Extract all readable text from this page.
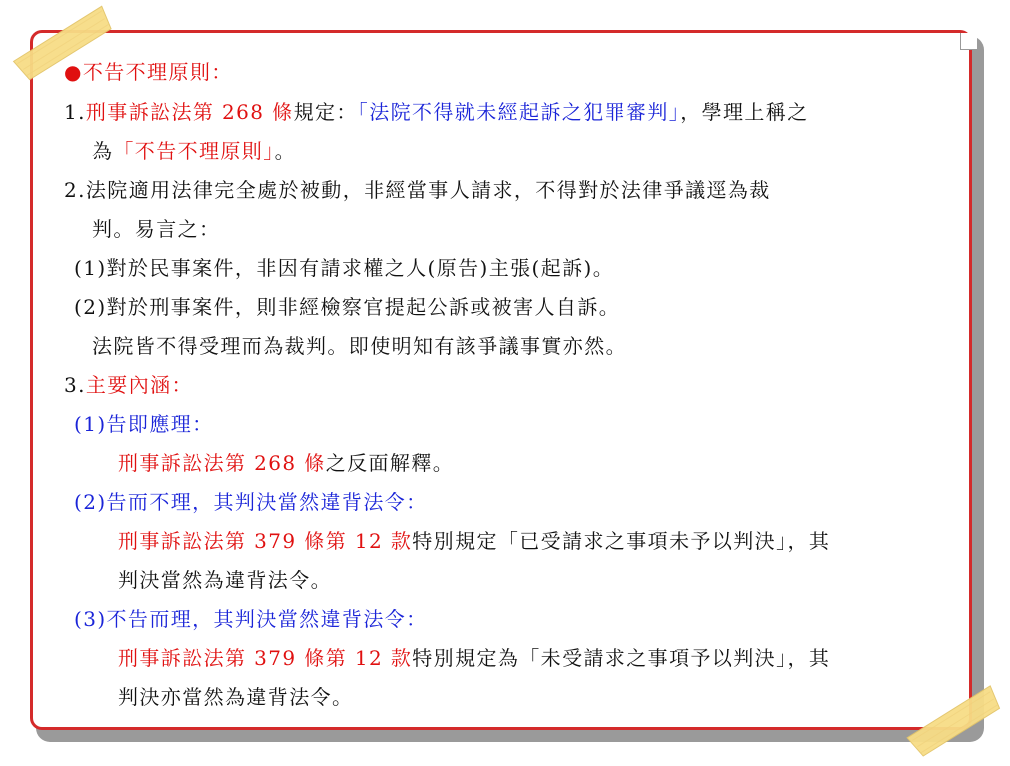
●不告不理原則：
1.刑事訴訟法第 268 條規定：「法院不得就未經起訴之犯罪審判」，學理上稱之
為「不告不理原則」。
2.法院適用法律完全處於被動，非經當事人請求，不得對於法律爭議逕為裁
判。易言之：
(1)對於民事案件，非因有請求權之人(原告)主張(起訴)。
(2)對於刑事案件，則非經檢察官提起公訴或被害人自訴。
法院皆不得受理而為裁判。即使明知有該爭議事實亦然。
3.主要內涵：
(1)告即應理：
刑事訴訟法第 268 條之反面解釋。
(2)告而不理，其判決當然違背法令：
刑事訴訟法第 379 條第 12 款特別規定「已受請求之事項未予以判決」，其
判決當然為違背法令。
(3)不告而理，其判決當然違背法令：
刑事訴訟法第 379 條第 12 款特別規定為「未受請求之事項予以判決」，其
判決亦當然為違背法令。
